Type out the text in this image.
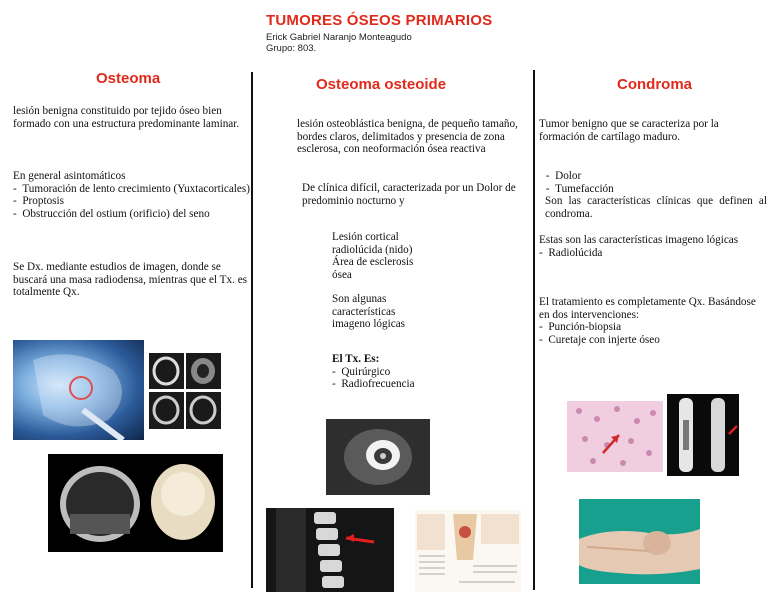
TUMORES ÓSEOS PRIMARIOS
Erick Gabriel Naranjo Monteagudo
Grupo: 803.
Osteoma
lesión benigna constituido por tejido óseo bien formado con una estructura predominante laminar.

En general asintomáticos

-  Tumoración de lento crecimiento (Yuxtacorticales)

-  Proptosis

-  Obstrucción del ostium (orificio) del seno

Se Dx. mediante estudios de imagen, donde se buscará una masa radiodensa, mientras que el Tx. es totalmente Qx.
Osteoma osteoide
lesión osteoblástica benigna, de pequeño tamaño, bordes claros, delimitados y presencia de zona esclerosa, con neoformación ósea reactiva
De clínica difícil, caracterizada por un Dolor de predominio nocturno y

Lesión cortical

radiolúcida (nido)

Área de esclerosis

ósea

Son algunas

características

imageno lógicas

El Tx. Es:

-  Quirúrgico

-  Radiofrecuencia

Condroma
Tumor benigno que se caracteriza por la formación de cartílago maduro.

-  Dolor

-  Tumefacción

Son las características clínicas que definen al condroma.

Estas son las características imageno lógicas

-  Radiolúcida

El tratamiento es completamente Qx. Basándose en dos intervenciones:

-  Punción-biopsia

-  Curetaje con injerte óseo
